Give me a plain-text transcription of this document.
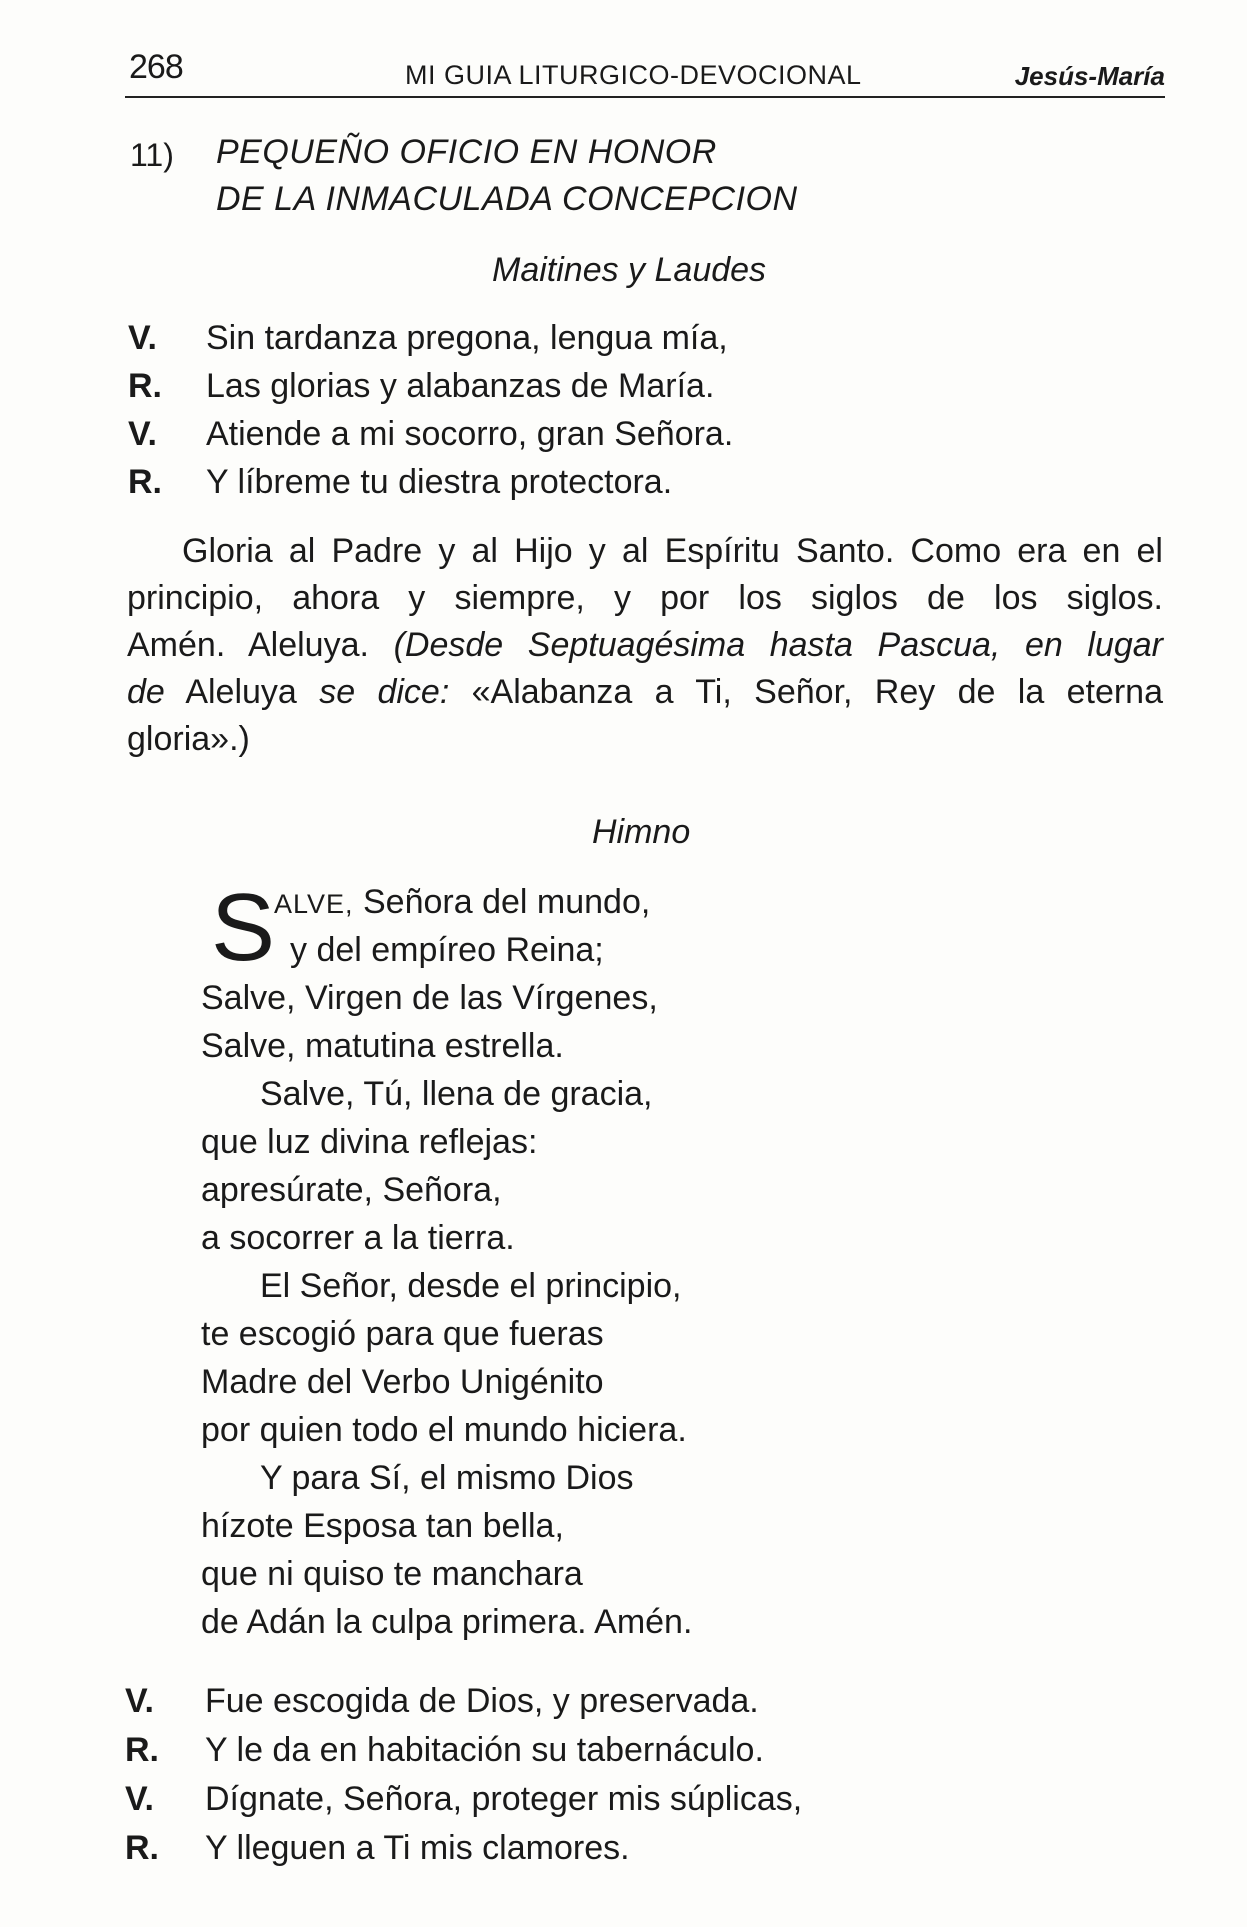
268	MI GUIA LITURGICO-DEVOCIONAL	Jesús-María
11) PEQUEÑO OFICIO EN HONOR
DE LA INMACULADA CONCEPCION
Maitines y Laudes
V. Sin tardanza pregona, lengua mía,
R. Las glorias y alabanzas de María.
V. Atiende a mi socorro, gran Señora.
R. Y líbreme tu diestra protectora.
Gloria al Padre y al Hijo y al Espíritu Santo. Como era en el
principio, ahora y siempre, y por los siglos de los siglos.
Amén. Aleluya. (Desde Septuagésima hasta Pascua, en lugar
de Aleluya se dice: «Alabanza a Ti, Señor, Rey de la eterna
gloria».)
Himno
S
ALVE, Señora del mundo,
y del empíreo Reina;
Salve, Virgen de las Vírgenes,
Salve, matutina estrella.
Salve, Tú, llena de gracia,
que luz divina reflejas:
apresúrate, Señora,
a socorrer a la tierra.
El Señor, desde el principio,
te escogió para que fueras
Madre del Verbo Unigénito
por quien todo el mundo hiciera.
Y para Sí, el mismo Dios
hízote Esposa tan bella,
que ni quiso te manchara
de Adán la culpa primera. Amén.
V. Fue escogida de Dios, y preservada.
R. Y le da en habitación su tabernáculo.
V. Dígnate, Señora, proteger mis súplicas,
R. Y lleguen a Ti mis clamores.
